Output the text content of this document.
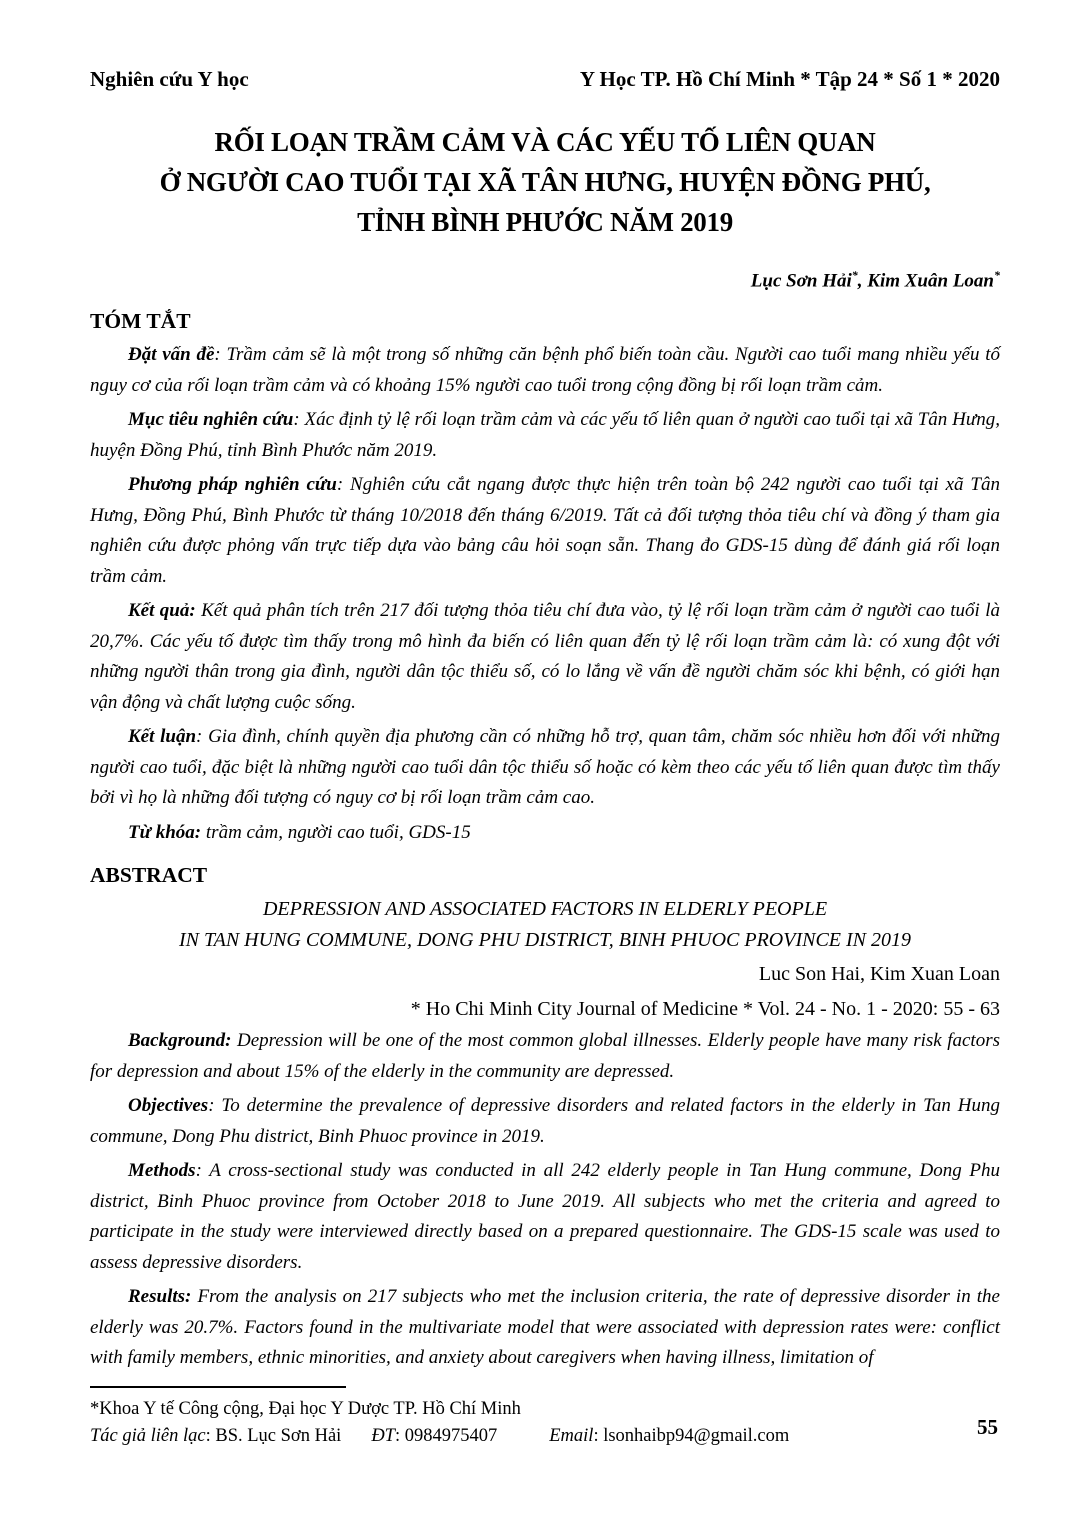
Nghiên cứu Y học	Y Học TP. Hồ Chí Minh * Tập 24 * Số 1 * 2020
RỐI LOẠN TRẦM CẢM VÀ CÁC YẾU TỐ LIÊN QUAN
Ở NGƯỜI CAO TUỔI TẠI XÃ TÂN HƯNG, HUYỆN ĐỒNG PHÚ,
TỈNH BÌNH PHƯỚC NĂM 2019
Lục Sơn Hải*, Kim Xuân Loan*
TÓM TẮT

Đặt vấn đề: Trầm cảm sẽ là một trong số những căn bệnh phổ biến toàn cầu. Người cao tuổi mang nhiều yếu tố nguy cơ của rối loạn trầm cảm và có khoảng 15% người cao tuổi trong cộng đồng bị rối loạn trầm cảm.

Mục tiêu nghiên cứu: Xác định tỷ lệ rối loạn trầm cảm và các yếu tố liên quan ở người cao tuổi tại xã Tân Hưng, huyện Đồng Phú, tỉnh Bình Phước năm 2019.

Phương pháp nghiên cứu: Nghiên cứu cắt ngang được thực hiện trên toàn bộ 242 người cao tuổi tại xã Tân Hưng, Đồng Phú, Bình Phước từ tháng 10/2018 đến tháng 6/2019. Tất cả đối tượng thỏa tiêu chí và đồng ý tham gia nghiên cứu được phỏng vấn trực tiếp dựa vào bảng câu hỏi soạn sẵn. Thang đo GDS-15 dùng để đánh giá rối loạn trầm cảm.

Kết quả: Kết quả phân tích trên 217 đối tượng thỏa tiêu chí đưa vào, tỷ lệ rối loạn trầm cảm ở người cao tuổi là 20,7%. Các yếu tố được tìm thấy trong mô hình đa biến có liên quan đến tỷ lệ rối loạn trầm cảm là: có xung đột với những người thân trong gia đình, người dân tộc thiểu số, có lo lắng về vấn đề người chăm sóc khi bệnh, có giới hạn vận động và chất lượng cuộc sống.

Kết luận: Gia đình, chính quyền địa phương cần có những hỗ trợ, quan tâm, chăm sóc nhiều hơn đối với những người cao tuổi, đặc biệt là những người cao tuổi dân tộc thiểu số hoặc có kèm theo các yếu tố liên quan được tìm thấy bởi vì họ là những đối tượng có nguy cơ bị rối loạn trầm cảm cao.

Từ khóa: trầm cảm, người cao tuổi, GDS-15

ABSTRACT
DEPRESSION AND ASSOCIATED FACTORS IN ELDERLY PEOPLE
IN TAN HUNG COMMUNE, DONG PHU DISTRICT, BINH PHUOC PROVINCE IN 2019
Luc Son Hai, Kim Xuan Loan
* Ho Chi Minh City Journal of Medicine * Vol. 24 - No. 1 - 2020: 55 - 63

Background: Depression will be one of the most common global illnesses. Elderly people have many risk factors for depression and about 15% of the elderly in the community are depressed.

Objectives: To determine the prevalence of depressive disorders and related factors in the elderly in Tan Hung commune, Dong Phu district, Binh Phuoc province in 2019.

Methods: A cross-sectional study was conducted in all 242 elderly people in Tan Hung commune, Dong Phu district, Binh Phuoc province from October 2018 to June 2019. All subjects who met the criteria and agreed to participate in the study were interviewed directly based on a prepared questionnaire. The GDS-15 scale was used to assess depressive disorders.

Results: From the analysis on 217 subjects who met the inclusion criteria, the rate of depressive disorder in the elderly was 20.7%. Factors found in the multivariate model that were associated with depression rates were: conflict with family members, ethnic minorities, and anxiety about caregivers when having illness, limitation of

*Khoa Y tế Công cộng, Đại học Y Dược TP. Hồ Chí Minh
Tác giả liên lạc: BS. Lục Sơn Hải ĐT: 0984975407	Email: lsonhaibp94@gmail.com	55
